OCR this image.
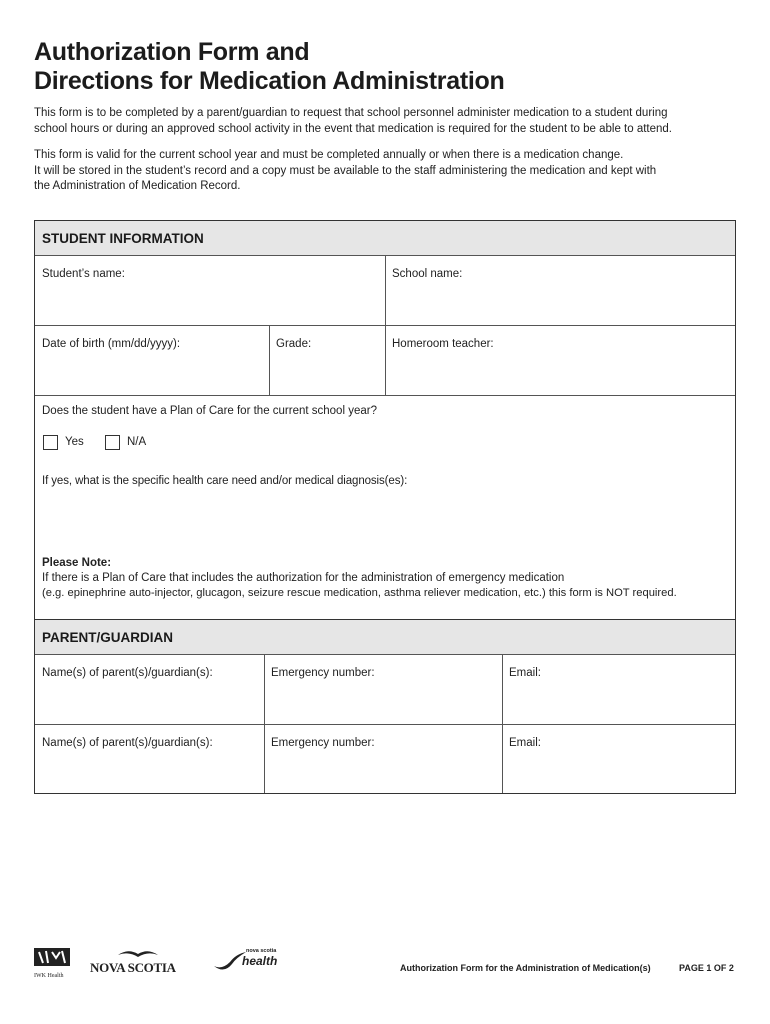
Authorization Form and
Directions for Medication Administration
This form is to be completed by a parent/guardian to request that school personnel administer medication to a student during
school hours or during an approved school activity in the event that medication is required for the student to be able to attend.
This form is valid for the current school year and must be completed annually or when there is a medication change.
It will be stored in the student’s record and a copy must be available to the staff administering the medication and kept with
the Administration of Medication Record.
STUDENT INFORMATION
Student’s name:	School name:
Date of birth (mm/dd/yyyy):	Grade:	Homeroom teacher:
Does the student have a Plan of Care for the current school year?
Yes	N/A
If yes, what is the specific health care need and/or medical diagnosis(es):
Please Note:
If there is a Plan of Care that includes the authorization for the administration of emergency medication
(e.g. epinephrine auto-injector, glucagon, seizure rescue medication, asthma reliever medication, etc.) this form is NOT required.
PARENT/GUARDIAN
Name(s) of parent(s)/guardian(s):	Emergency number:	Email:
Name(s) of parent(s)/guardian(s):	Emergency number:	Email:
IWK Health
NOVA SCOTIA
nova scotia
health	Authorization Form for the Administration of Medication(s)	PAGE 1 OF 2
